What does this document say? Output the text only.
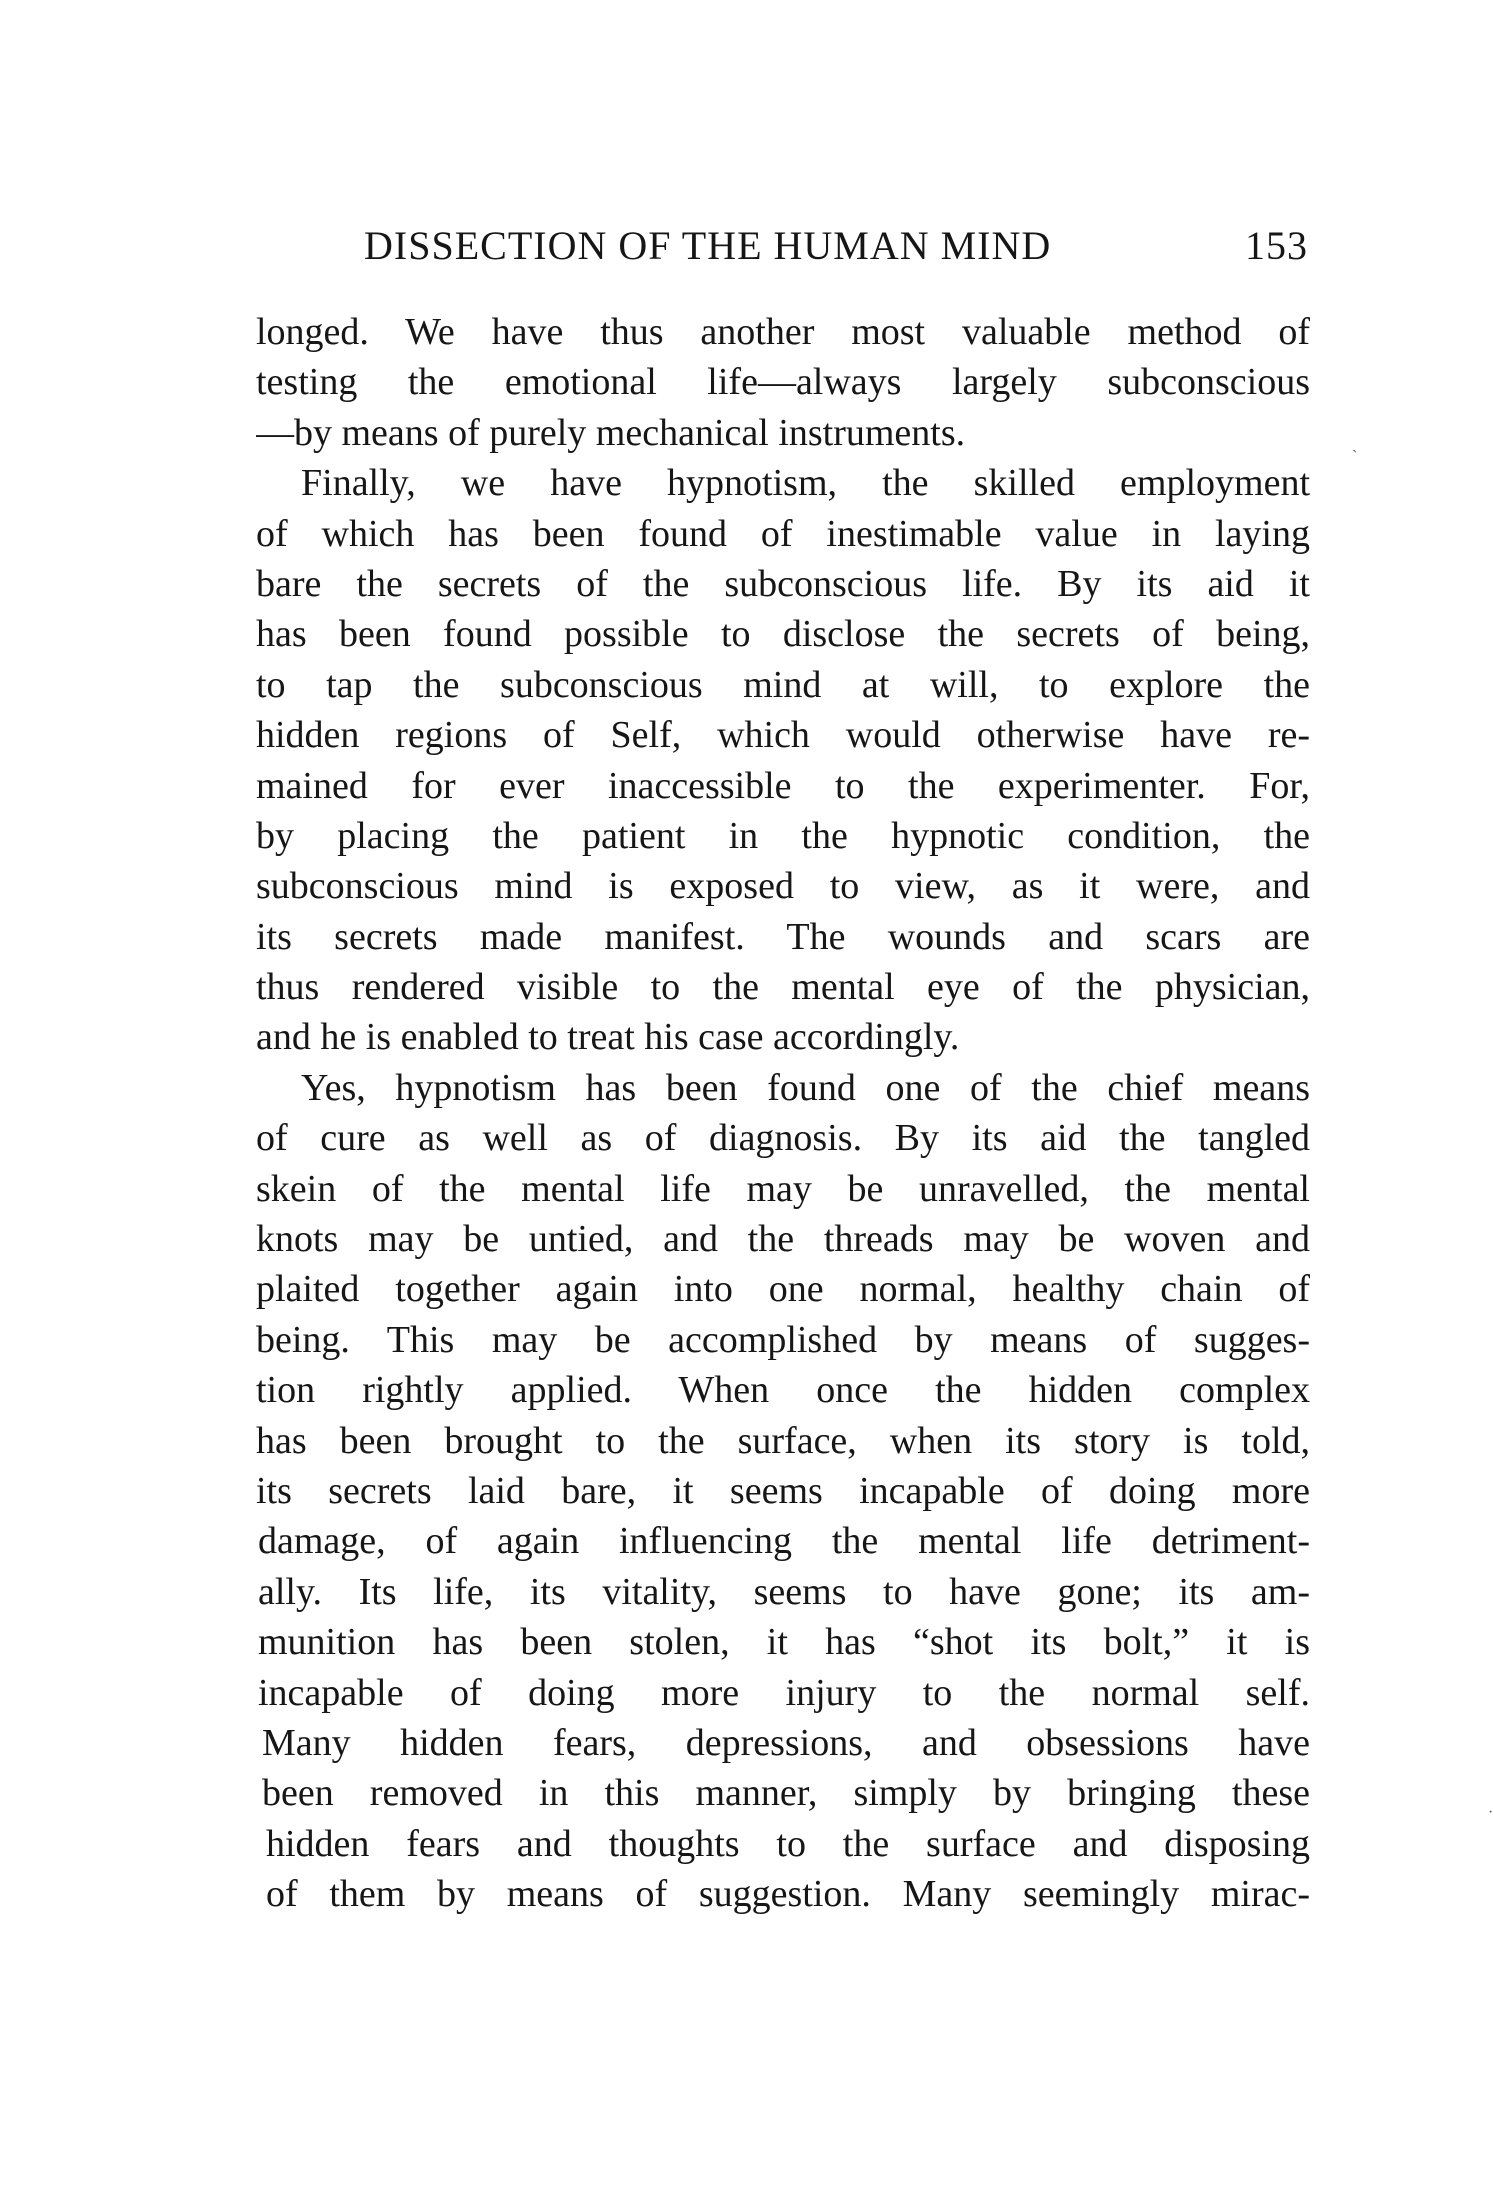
DISSECTION OF THE HUMAN MIND	153
longed. We have thus another most valuable method of
testing the emotional life—always largely subconscious
—by means of purely mechanical instruments.
Finally, we have hypnotism, the skilled employment
of which has been found of inestimable value in laying
bare the secrets of the subconscious life. By its aid it
has been found possible to disclose the secrets of being,
to tap the subconscious mind at will, to explore the
hidden regions of Self, which would otherwise have re-
mained for ever inaccessible to the experimenter. For,
by placing the patient in the hypnotic condition, the
subconscious mind is exposed to view, as it were, and
its secrets made manifest. The wounds and scars are
thus rendered visible to the mental eye of the physician,
and he is enabled to treat his case accordingly.
Yes, hypnotism has been found one of the chief means
of cure as well as of diagnosis. By its aid the tangled
skein of the mental life may be unravelled, the mental
knots may be untied, and the threads may be woven and
plaited together again into one normal, healthy chain of
being. This may be accomplished by means of sugges-
tion rightly applied. When once the hidden complex
has been brought to the surface, when its story is told,
its secrets laid bare, it seems incapable of doing more
damage, of again influencing the mental life detriment-
ally. Its life, its vitality, seems to have gone; its am-
munition has been stolen, it has “shot its bolt,” it is
incapable of doing more injury to the normal self.
Many hidden fears, depressions, and obsessions have
been removed in this manner, simply by bringing these
hidden fears and thoughts to the surface and disposing
of them by means of suggestion. Many seemingly mirac-
ˋ
·
